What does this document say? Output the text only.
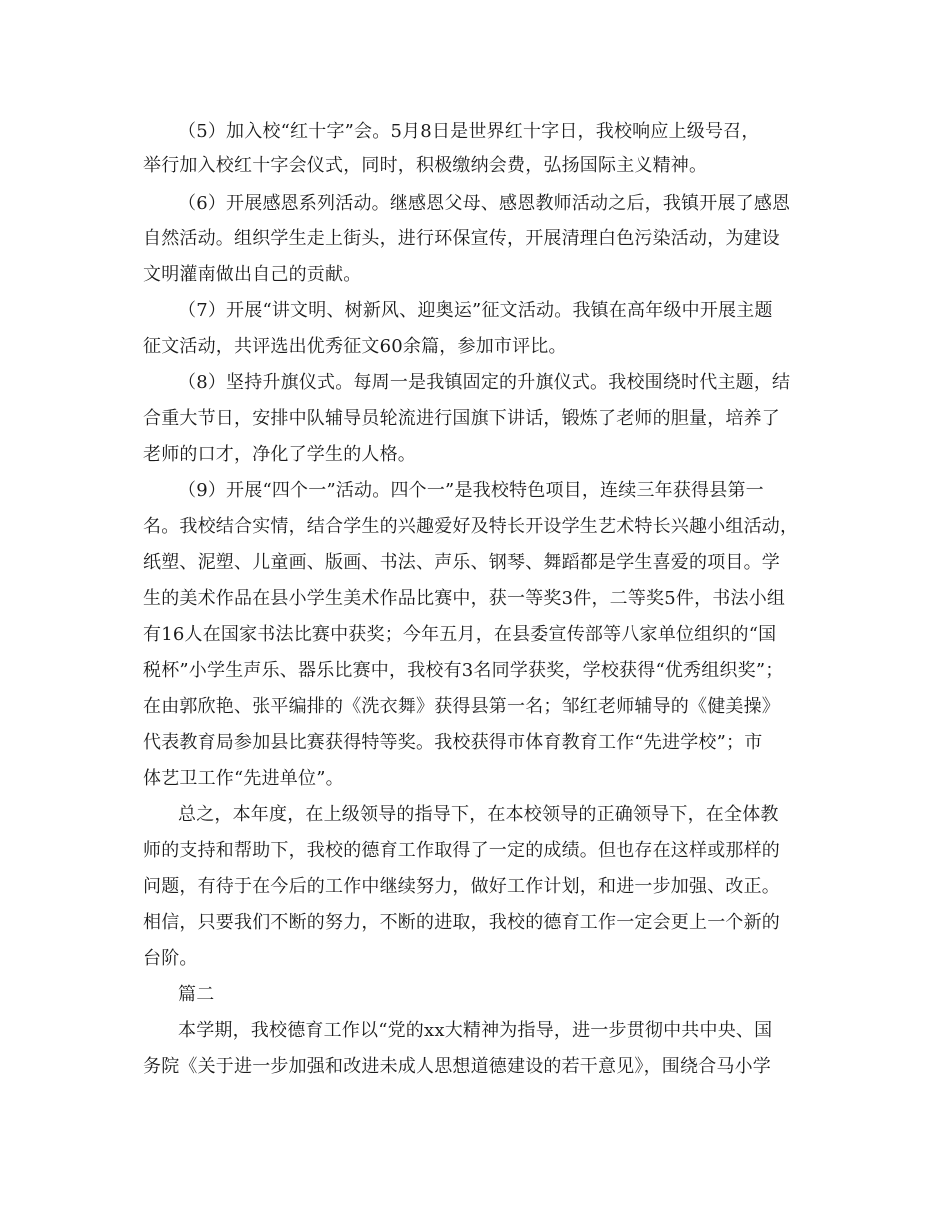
（5）加入校“红十字”会。5月8日是世界红十字日，我校响应上级号召，
举行加入校红十字会仪式，同时，积极缴纳会费，弘扬国际主义精神。
（6）开展感恩系列活动。继感恩父母、感恩教师活动之后，我镇开展了感恩
自然活动。组织学生走上街头，进行环保宣传，开展清理白色污染活动，为建设
文明灌南做出自己的贡献。
（7）开展“讲文明、树新风、迎奥运”征文活动。我镇在高年级中开展主题
征文活动，共评选出优秀征文60余篇，参加市评比。
（8）坚持升旗仪式。每周一是我镇固定的升旗仪式。我校围绕时代主题，结
合重大节日，安排中队辅导员轮流进行国旗下讲话，锻炼了老师的胆量，培养了
老师的口才，净化了学生的人格。
（9）开展“四个一”活动。四个一”是我校特色项目，连续三年获得县第一
名。我校结合实情，结合学生的兴趣爱好及特长开设学生艺术特长兴趣小组活动，
纸塑、泥塑、儿童画、版画、书法、声乐、钢琴、舞蹈都是学生喜爱的项目。学
生的美术作品在县小学生美术作品比赛中，获一等奖3件，二等奖5件，书法小组
有16人在国家书法比赛中获奖；今年五月，在县委宣传部等八家单位组织的“国
税杯”小学生声乐、器乐比赛中，我校有3名同学获奖，学校获得“优秀组织奖”；
在由郭欣艳、张平编排的《洗衣舞》获得县第一名；邹红老师辅导的《健美操》
代表教育局参加县比赛获得特等奖。我校获得市体育教育工作“先进学校”；市
体艺卫工作“先进单位”。
总之，本年度，在上级领导的指导下，在本校领导的正确领导下，在全体教
师的支持和帮助下，我校的德育工作取得了一定的成绩。但也存在这样或那样的
问题，有待于在今后的工作中继续努力，做好工作计划，和进一步加强、改正。
相信，只要我们不断的努力，不断的进取，我校的德育工作一定会更上一个新的
台阶。
篇二
本学期，我校德育工作以“党的xx大精神为指导，进一步贯彻中共中央、国
务院《关于进一步加强和改进未成人思想道德建设的若干意见》，围绕合马小学
